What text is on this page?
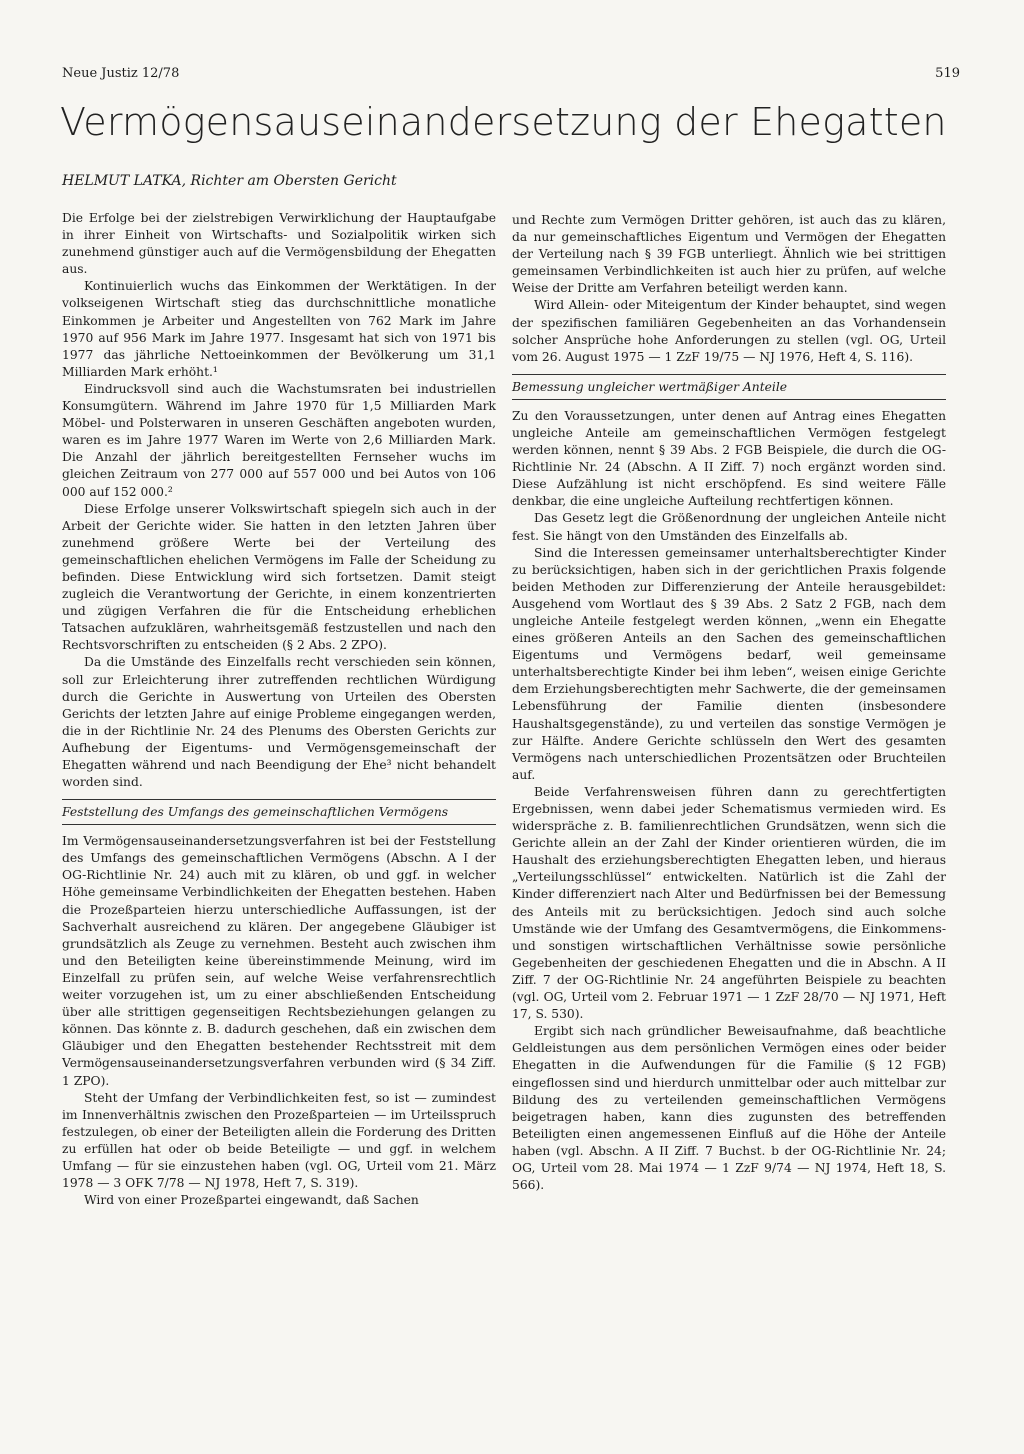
Neue Justiz 12/78	519
Vermögensauseinandersetzung der Ehegatten
HELMUT LATKA, Richter am Obersten Gericht

Die Erfolge bei der zielstrebigen Verwirklichung der Hauptaufgabe in ihrer Einheit von Wirtschafts- und Sozialpolitik wirken sich zunehmend günstiger auch auf die Vermögensbildung der Ehegatten aus.

Kontinuierlich wuchs das Einkommen der Werktätigen. In der volkseigenen Wirtschaft stieg das durchschnittliche monatliche Einkommen je Arbeiter und Angestellten von 762 Mark im Jahre 1970 auf 956 Mark im Jahre 1977. Insgesamt hat sich von 1971 bis 1977 das jährliche Nettoeinkommen der Bevölkerung um 31,1 Milliarden Mark erhöht.¹

Eindrucksvoll sind auch die Wachstumsraten bei industriellen Konsumgütern. Während im Jahre 1970 für 1,5 Milliarden Mark Möbel- und Polsterwaren in unseren Geschäften angeboten wurden, waren es im Jahre 1977 Waren im Werte von 2,6 Milliarden Mark. Die Anzahl der jährlich bereitgestellten Fernseher wuchs im gleichen Zeitraum von 277 000 auf 557 000 und bei Autos von 106 000 auf 152 000.²

Diese Erfolge unserer Volkswirtschaft spiegeln sich auch in der Arbeit der Gerichte wider. Sie hatten in den letzten Jahren über zunehmend größere Werte bei der Verteilung des gemeinschaftlichen ehelichen Vermögens im Falle der Scheidung zu befinden. Diese Entwicklung wird sich fortsetzen. Damit steigt zugleich die Verantwortung der Gerichte, in einem konzentrierten und zügigen Verfahren die für die Entscheidung erheblichen Tatsachen aufzuklären, wahrheitsgemäß festzustellen und nach den Rechtsvorschriften zu entscheiden (§ 2 Abs. 2 ZPO).

Da die Umstände des Einzelfalls recht verschieden sein können, soll zur Erleichterung ihrer zutreffenden rechtlichen Würdigung durch die Gerichte in Auswertung von Urteilen des Obersten Gerichts der letzten Jahre auf einige Probleme eingegangen werden, die in der Richtlinie Nr. 24 des Plenums des Obersten Gerichts zur Aufhebung der Eigentums- und Vermögensgemeinschaft der Ehegatten während und nach Beendigung der Ehe³ nicht behandelt worden sind.

Feststellung des Umfangs des gemeinschaftlichen Vermögens

Im Vermögensauseinandersetzungsverfahren ist bei der Feststellung des Umfangs des gemeinschaftlichen Vermögens (Abschn. A I der OG-Richtlinie Nr. 24) auch mit zu klären, ob und ggf. in welcher Höhe gemeinsame Verbindlichkeiten der Ehegatten bestehen. Haben die Prozeßparteien hierzu unterschiedliche Auffassungen, ist der Sachverhalt ausreichend zu klären. Der angegebene Gläubiger ist grundsätzlich als Zeuge zu vernehmen. Besteht auch zwischen ihm und den Beteiligten keine übereinstimmende Meinung, wird im Einzelfall zu prüfen sein, auf welche Weise verfahrensrechtlich weiter vorzugehen ist, um zu einer abschließenden Entscheidung über alle strittigen gegenseitigen Rechtsbeziehungen gelangen zu können. Das könnte z. B. dadurch geschehen, daß ein zwischen dem Gläubiger und den Ehegatten bestehender Rechtsstreit mit dem Vermögensauseinandersetzungsverfahren verbunden wird (§ 34 Ziff. 1 ZPO).

Steht der Umfang der Verbindlichkeiten fest, so ist — zumindest im Innenverhältnis zwischen den Prozeßparteien — im Urteilsspruch festzulegen, ob einer der Beteiligten allein die Forderung des Dritten zu erfüllen hat oder ob beide Beteiligte — und ggf. in welchem Umfang — für sie einzustehen haben (vgl. OG, Urteil vom 21. März 1978 — 3 OFK 7/78 — NJ 1978, Heft 7, S. 319).

Wird von einer Prozeßpartei eingewandt, daß Sachen

und Rechte zum Vermögen Dritter gehören, ist auch das zu klären, da nur gemeinschaftliches Eigentum und Vermögen der Ehegatten der Verteilung nach § 39 FGB unterliegt. Ähnlich wie bei strittigen gemeinsamen Verbindlichkeiten ist auch hier zu prüfen, auf welche Weise der Dritte am Verfahren beteiligt werden kann.

Wird Allein- oder Miteigentum der Kinder behauptet, sind wegen der spezifischen familiären Gegebenheiten an das Vorhandensein solcher Ansprüche hohe Anforderungen zu stellen (vgl. OG, Urteil vom 26. August 1975 — 1 ZzF 19/75 — NJ 1976, Heft 4, S. 116).

Bemessung ungleicher wertmäßiger Anteile

Zu den Voraussetzungen, unter denen auf Antrag eines Ehegatten ungleiche Anteile am gemeinschaftlichen Vermögen festgelegt werden können, nennt § 39 Abs. 2 FGB Beispiele, die durch die OG-Richtlinie Nr. 24 (Abschn. A II Ziff. 7) noch ergänzt worden sind. Diese Aufzählung ist nicht erschöpfend. Es sind weitere Fälle denkbar, die eine ungleiche Aufteilung rechtfertigen können.

Das Gesetz legt die Größenordnung der ungleichen Anteile nicht fest. Sie hängt von den Umständen des Einzelfalls ab.

Sind die Interessen gemeinsamer unterhaltsberechtigter Kinder zu berücksichtigen, haben sich in der gerichtlichen Praxis folgende beiden Methoden zur Differenzierung der Anteile herausgebildet: Ausgehend vom Wortlaut des § 39 Abs. 2 Satz 2 FGB, nach dem ungleiche Anteile festgelegt werden können, „wenn ein Ehegatte eines größeren Anteils an den Sachen des gemeinschaftlichen Eigentums und Vermögens bedarf, weil gemeinsame unterhaltsberechtigte Kinder bei ihm leben“, weisen einige Gerichte dem Erziehungsberechtigten mehr Sachwerte, die der gemeinsamen Lebensführung der Familie dienten (insbesondere Haushaltsgegenstände), zu und verteilen das sonstige Vermögen je zur Hälfte. Andere Gerichte schlüsseln den Wert des gesamten Vermögens nach unterschiedlichen Prozentsätzen oder Bruchteilen auf.

Beide Verfahrensweisen führen dann zu gerechtfertigten Ergebnissen, wenn dabei jeder Schematismus vermieden wird. Es widerspräche z. B. familienrechtlichen Grundsätzen, wenn sich die Gerichte allein an der Zahl der Kinder orientieren würden, die im Haushalt des erziehungsberechtigten Ehegatten leben, und hieraus „Verteilungsschlüssel“ entwickelten. Natürlich ist die Zahl der Kinder differenziert nach Alter und Bedürfnissen bei der Bemessung des Anteils mit zu berücksichtigen. Jedoch sind auch solche Umstände wie der Umfang des Gesamtvermögens, die Einkommens- und sonstigen wirtschaftlichen Verhältnisse sowie persönliche Gegebenheiten der geschiedenen Ehegatten und die in Abschn. A II Ziff. 7 der OG-Richtlinie Nr. 24 angeführten Beispiele zu beachten (vgl. OG, Urteil vom 2. Februar 1971 — 1 ZzF 28/70 — NJ 1971, Heft 17, S. 530).

Ergibt sich nach gründlicher Beweisaufnahme, daß beachtliche Geldleistungen aus dem persönlichen Vermögen eines oder beider Ehegatten in die Aufwendungen für die Familie (§ 12 FGB) eingeflossen sind und hierdurch unmittelbar oder auch mittelbar zur Bildung des zu verteilenden gemeinschaftlichen Vermögens beigetragen haben, kann dies zugunsten des betreffenden Beteiligten einen angemessenen Einfluß auf die Höhe der Anteile haben (vgl. Abschn. A II Ziff. 7 Buchst. b der OG-Richtlinie Nr. 24; OG, Urteil vom 28. Mai 1974 — 1 ZzF 9/74 — NJ 1974, Heft 18, S. 566).
